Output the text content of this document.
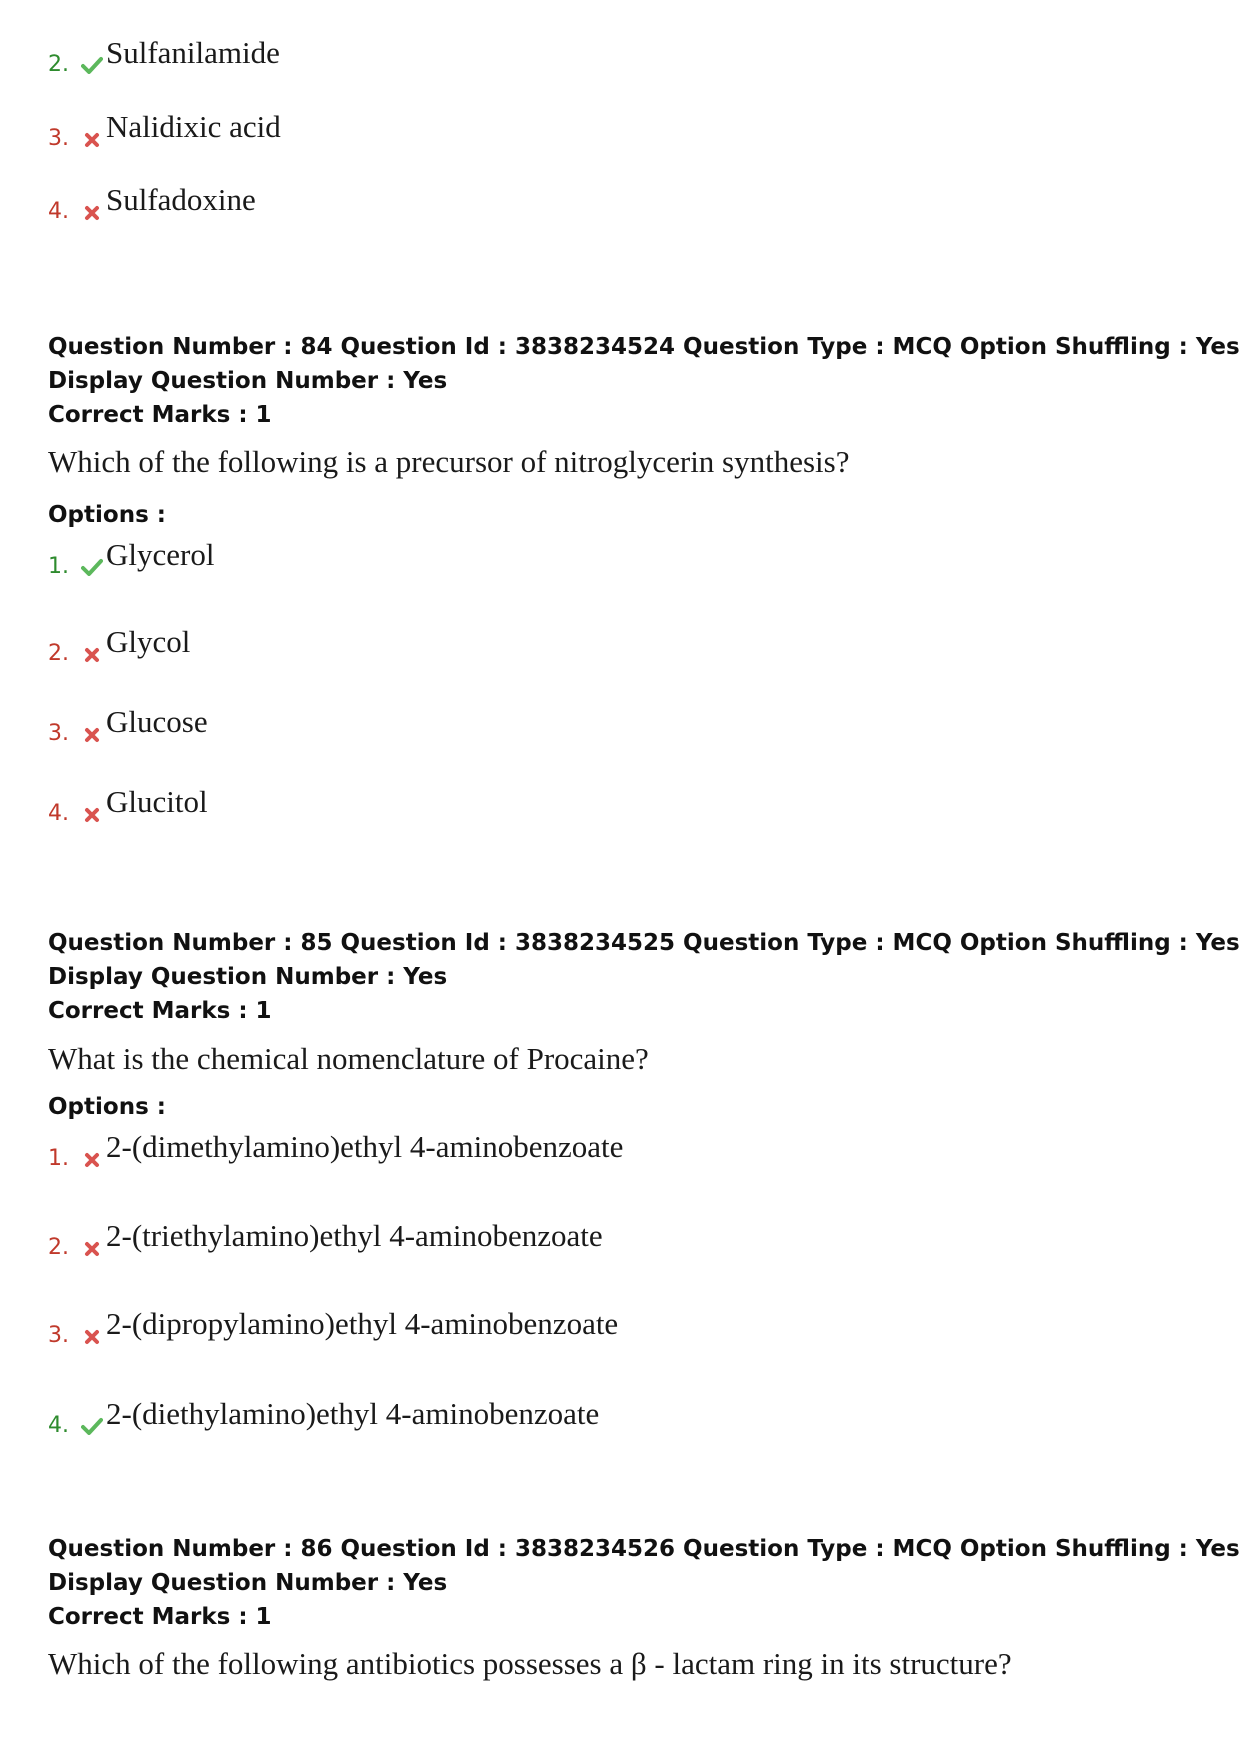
2. Sulfanilamide
3. Nalidixic acid
4. Sulfadoxine
Question Number : 84 Question Id : 3838234524 Question Type : MCQ Option Shuffling : Yes
Display Question Number : Yes
Correct Marks : 1
Which of the following is a precursor of nitroglycerin synthesis?
Options :
1. Glycerol
2. Glycol
3. Glucose
4. Glucitol
Question Number : 85 Question Id : 3838234525 Question Type : MCQ Option Shuffling : Yes
Display Question Number : Yes
Correct Marks : 1
What is the chemical nomenclature of Procaine?
Options :
1. 2-(dimethylamino)ethyl 4-aminobenzoate
2. 2-(triethylamino)ethyl 4-aminobenzoate
3. 2-(dipropylamino)ethyl 4-aminobenzoate
4. 2-(diethylamino)ethyl 4-aminobenzoate
Question Number : 86 Question Id : 3838234526 Question Type : MCQ Option Shuffling : Yes
Display Question Number : Yes
Correct Marks : 1
Which of the following antibiotics possesses a β - lactam ring in its structure?
